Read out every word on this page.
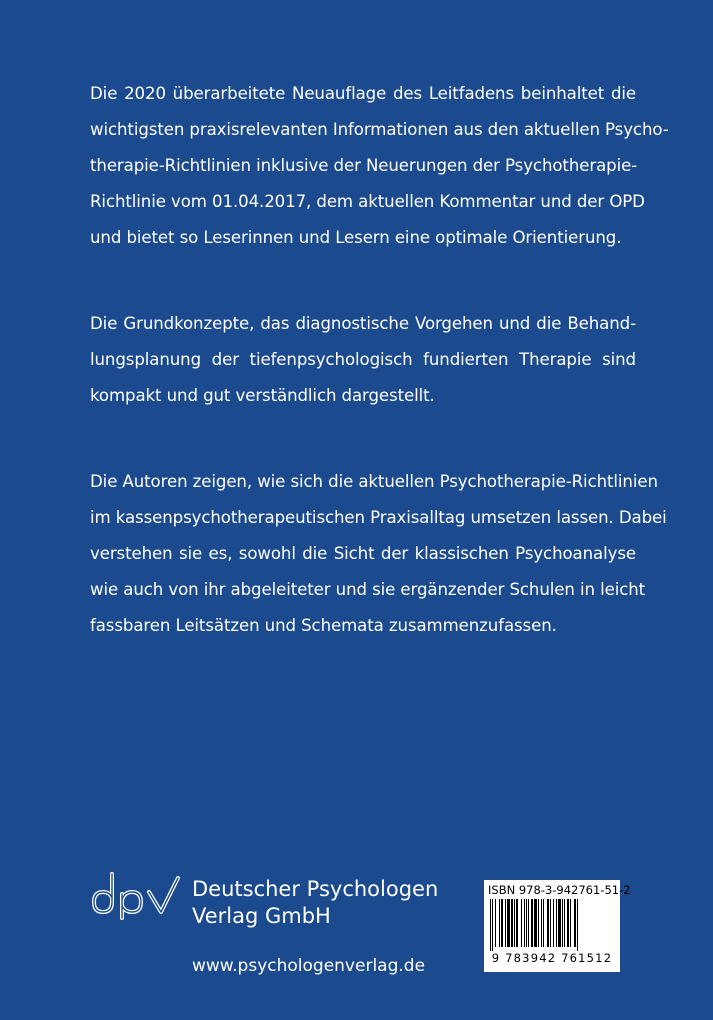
Die 2020 überarbeitete Neuauflage des Leitfadens beinhaltet die
wichtigsten praxisrelevanten Informationen aus den aktuellen Psycho-
therapie-Richtlinien inklusive der Neuerungen der Psychotherapie-
Richtlinie vom 01.04.2017, dem aktuellen Kommentar und der OPD
und bietet so Leserinnen und Lesern eine optimale Orientierung.

Die Grundkonzepte, das diagnostische Vorgehen und die Behand-
lungsplanung der tiefenpsychologisch fundierten Therapie sind
kompakt und gut verständlich dargestellt.

Die Autoren zeigen, wie sich die aktuellen Psychotherapie-Richtlinien
im kassenpsychotherapeutischen Praxisalltag umsetzen lassen. Dabei
verstehen sie es, sowohl die Sicht der klassischen Psychoanalyse
wie auch von ihr abgeleiteter und sie ergänzender Schulen in leicht
fassbaren Leitsätzen und Schemata zusammenzufassen.

Deutscher Psychologen
Verlag GmbH
www.psychologenverlag.de
ISBN 978-3-942761-51-2
9 783942 761512
